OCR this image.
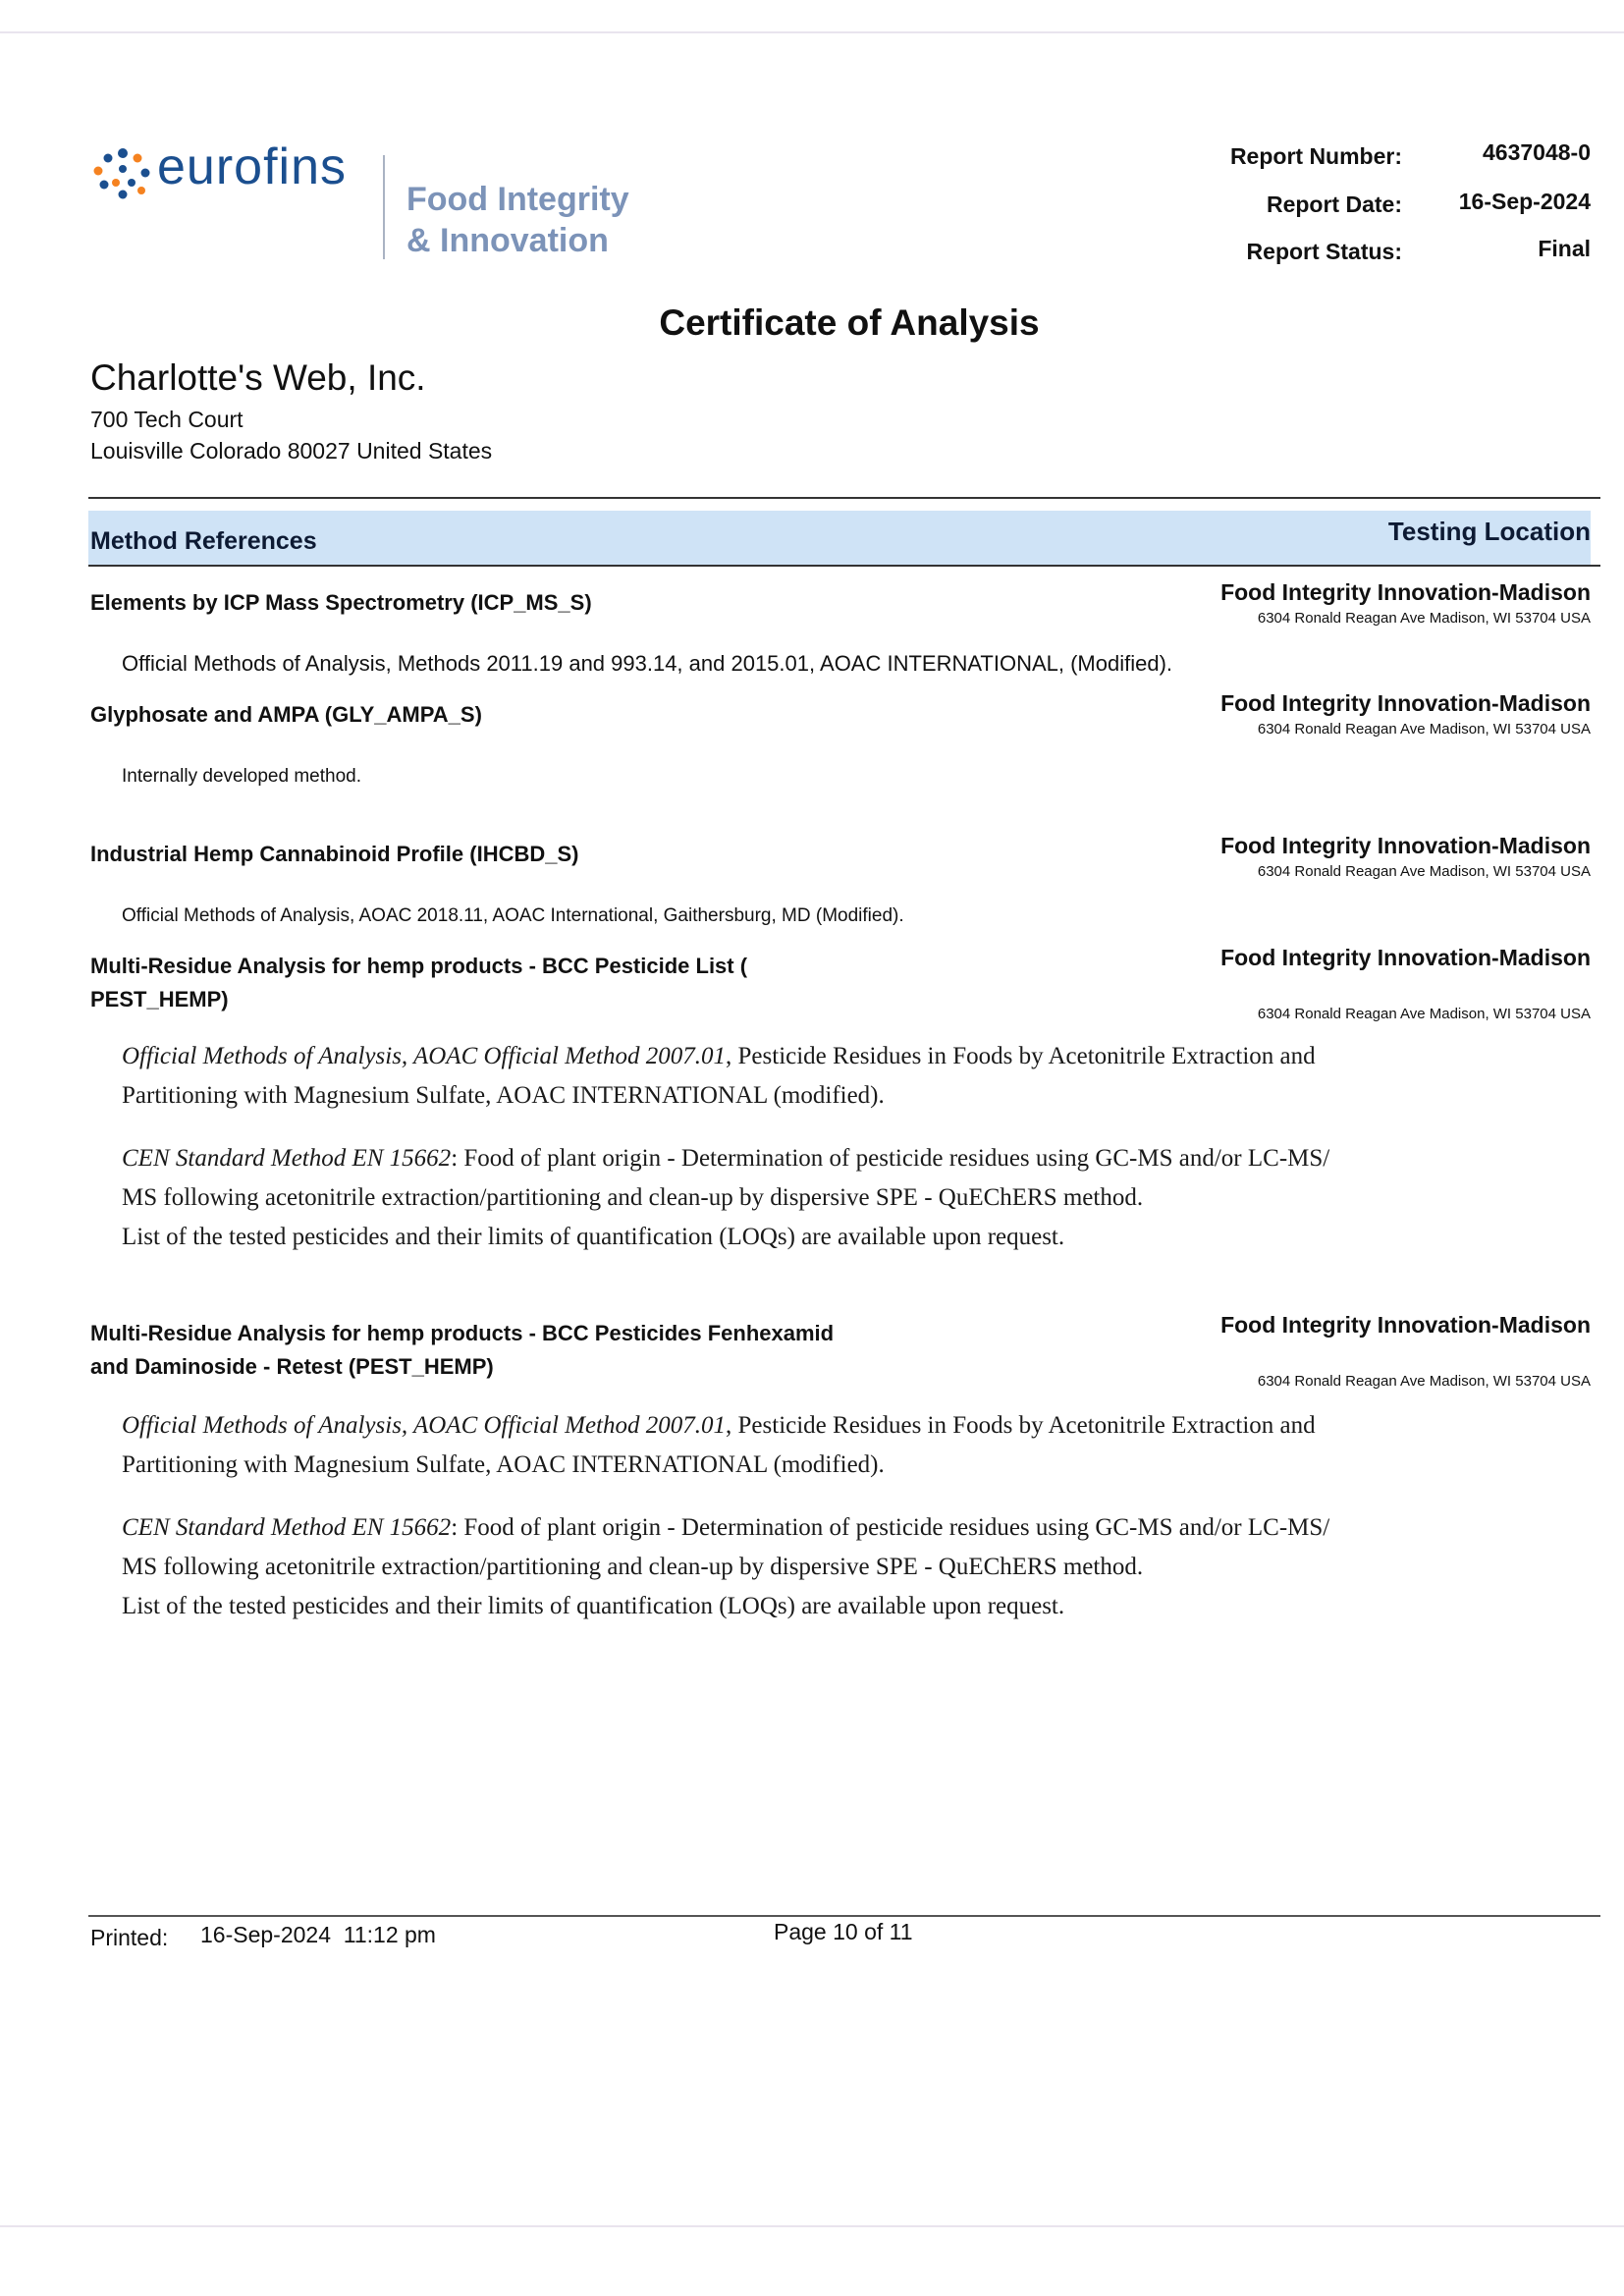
eurofins
Food Integrity
& Innovation
Report Number:	4637048-0
Report Date:	16-Sep-2024
Report Status:	Final
Certificate of Analysis
Charlotte's Web, Inc.
700 Tech Court
Louisville Colorado 80027 United States
Method References	Testing Location
Elements by ICP Mass Spectrometry (ICP_MS_S)	Food Integrity Innovation-Madison
6304 Ronald Reagan Ave Madison, WI 53704 USA
Official Methods of Analysis, Methods 2011.19 and 993.14, and 2015.01, AOAC INTERNATIONAL, (Modified).
Glyphosate and AMPA (GLY_AMPA_S)	Food Integrity Innovation-Madison
6304 Ronald Reagan Ave Madison, WI 53704 USA
Internally developed method.
Industrial Hemp Cannabinoid Profile (IHCBD_S)	Food Integrity Innovation-Madison
6304 Ronald Reagan Ave Madison, WI 53704 USA
Official Methods of Analysis, AOAC 2018.11, AOAC International, Gaithersburg, MD (Modified).
Multi-Residue Analysis for hemp products - BCC Pesticide List (
PEST_HEMP)
Food Integrity Innovation-Madison
6304 Ronald Reagan Ave Madison, WI 53704 USA
Official Methods of Analysis, AOAC Official Method 2007.01, Pesticide Residues in Foods by Acetonitrile Extraction and
Partitioning with Magnesium Sulfate, AOAC INTERNATIONAL (modified).
CEN Standard Method EN 15662: Food of plant origin - Determination of pesticide residues using GC-MS and/or LC-MS/
MS following acetonitrile extraction/partitioning and clean-up by dispersive SPE - QuEChERS method.
List of the tested pesticides and their limits of quantification (LOQs) are available upon request.
Multi-Residue Analysis for hemp products - BCC Pesticides Fenhexamid
and Daminoside - Retest (PEST_HEMP)
Food Integrity Innovation-Madison
6304 Ronald Reagan Ave Madison, WI 53704 USA
Official Methods of Analysis, AOAC Official Method 2007.01, Pesticide Residues in Foods by Acetonitrile Extraction and
Partitioning with Magnesium Sulfate, AOAC INTERNATIONAL (modified).
CEN Standard Method EN 15662: Food of plant origin - Determination of pesticide residues using GC-MS and/or LC-MS/
MS following acetonitrile extraction/partitioning and clean-up by dispersive SPE - QuEChERS method.
List of the tested pesticides and their limits of quantification (LOQs) are available upon request.
Printed: 16-Sep-2024  11:12 pm	Page 10 of 11
